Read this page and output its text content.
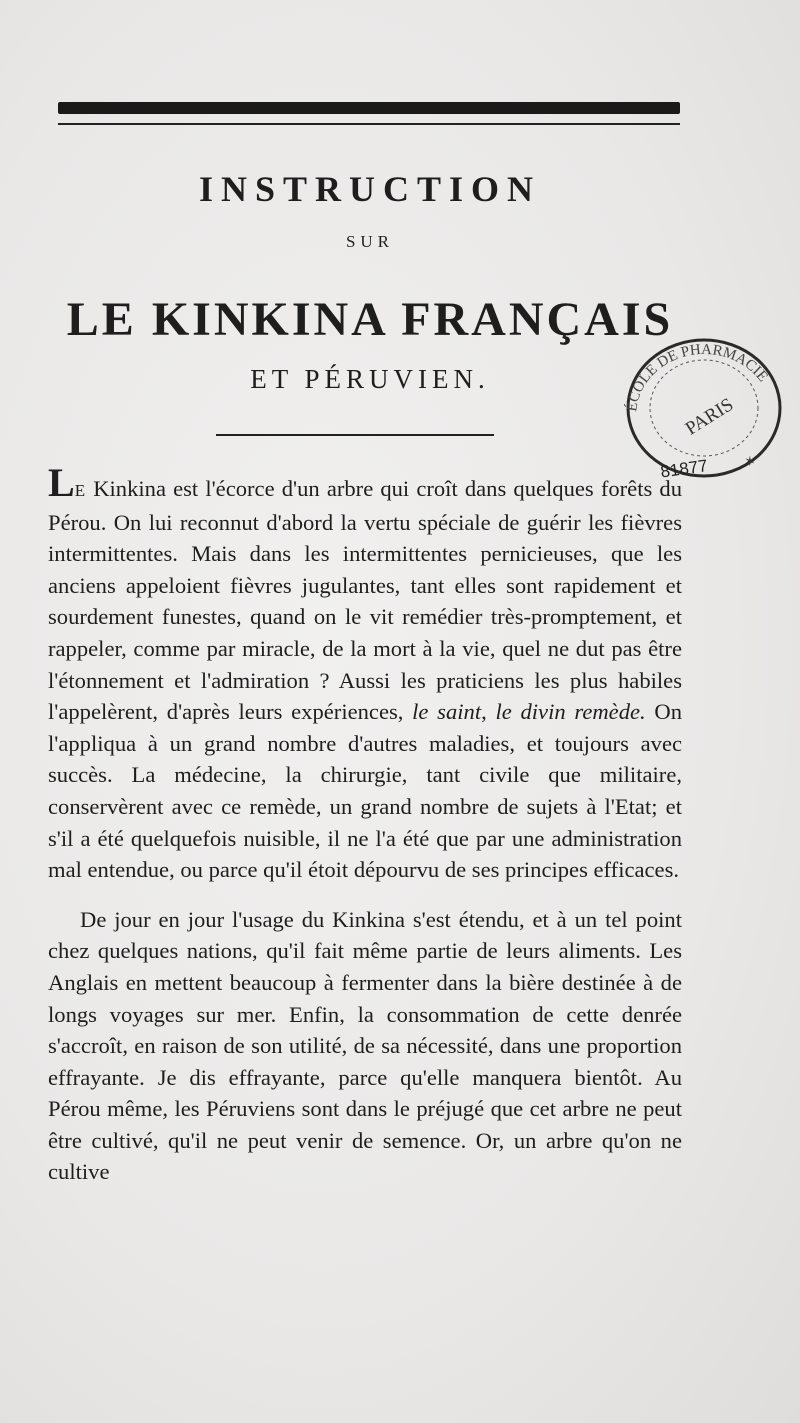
INSTRUCTION
SUR
LE KINKINA FRANÇAIS
ET PÉRUVIEN.
ÉCOLE DE PHARMACIE
PARIS
81877	✶

LE Kinkina est l'écorce d'un arbre qui croît dans quelques forêts du Pérou. On lui reconnut d'abord la vertu spéciale de guérir les fièvres intermittentes. Mais dans les intermittentes pernicieuses, que les anciens appeloient fièvres jugulantes, tant elles sont rapidement et sourdement funestes, quand on le vit remédier très-promptement, et rappeler, comme par miracle, de la mort à la vie, quel ne dut pas être l'étonnement et l'admiration ? Aussi les praticiens les plus habiles l'appelèrent, d'après leurs expériences, le saint, le divin remède. On l'appliqua à un grand nombre d'autres maladies, et toujours avec succès. La médecine, la chirurgie, tant civile que militaire, conservèrent avec ce remède, un grand nombre de sujets à l'Etat; et s'il a été quelquefois nuisible, il ne l'a été que par une administration mal entendue, ou parce qu'il étoit dépourvu de ses principes efficaces.

De jour en jour l'usage du Kinkina s'est étendu, et à un tel point chez quelques nations, qu'il fait même partie de leurs aliments. Les Anglais en mettent beaucoup à fermenter dans la bière destinée à de longs voyages sur mer. Enfin, la consommation de cette denrée s'accroît, en raison de son utilité, de sa nécessité, dans une proportion effrayante. Je dis effrayante, parce qu'elle manquera bientôt. Au Pérou même, les Péruviens sont dans le préjugé que cet arbre ne peut être cultivé, qu'il ne peut venir de semence. Or, un arbre qu'on ne cultive
